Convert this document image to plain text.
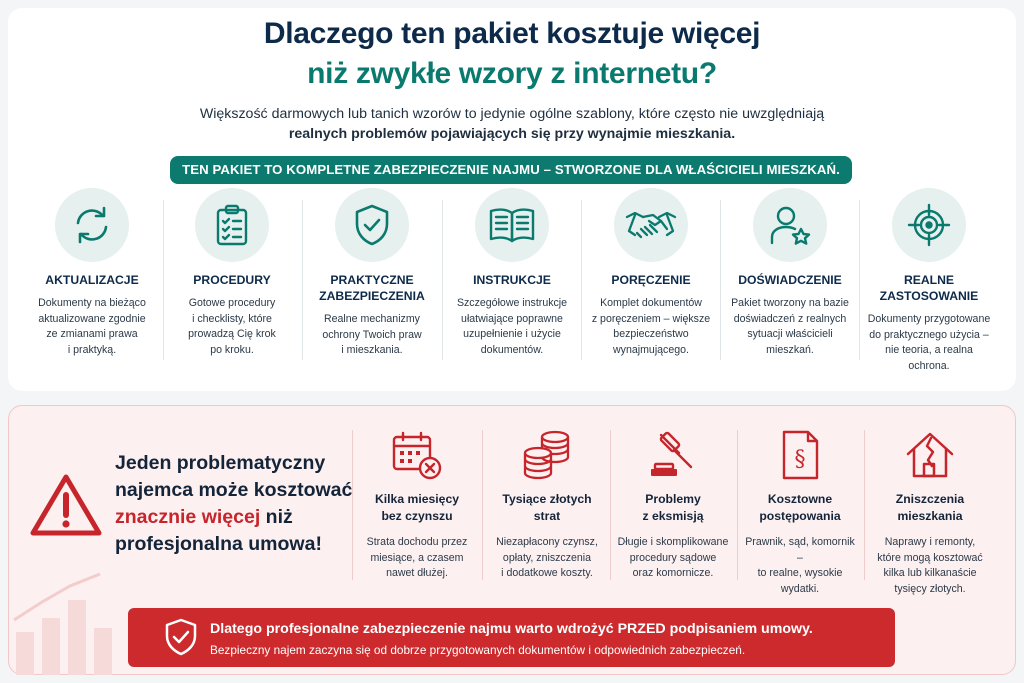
Dlaczego ten pakiet kosztuje więcej
niż zwykłe wzory z internetu?
Większość darmowych lub tanich wzorów to jedynie ogólne szablony, które często nie uwzględniają
realnych problemów pojawiających się przy wynajmie mieszkania.
TEN PAKIET TO KOMPLETNE ZABEZPIECZENIE NAJMU – STWORZONE DLA WŁAŚCICIELI MIESZKAŃ.
AKTUALIZACJE
Dokumenty na bieżąco
aktualizowane zgodnie
ze zmianami prawa
i praktyką.
PROCEDURY
Gotowe procedury
i checklisty, które
prowadzą Cię krok
po kroku.
PRAKTYCZNE ZABEZPIECZENIA
Realne mechanizmy
ochrony Twoich praw
i mieszkania.
INSTRUKCJE
Szczegółowe instrukcje
ułatwiające poprawne
uzupełnienie i użycie
dokumentów.
PORĘCZENIE
Komplet dokumentów
z poręczeniem – większe
bezpieczeństwo
wynajmującego.
DOŚWIADCZENIE
Pakiet tworzony na bazie
doświadczeń z realnych
sytuacji właścicieli
mieszkań.
REALNE ZASTOSOWANIE
Dokumenty przygotowane
do praktycznego użycia –
nie teoria, a realna
ochrona.
Jeden problematyczny
najemca może kosztować
znacznie więcej niż
profesjonalna umowa!
Kilka miesięcy
bez czynszu
Strata dochodu przez
miesiące, a czasem
nawet dłużej.
Tysiące złotych
strat
Niezapłacony czynsz,
opłaty, zniszczenia
i dodatkowe koszty.
Problemy
z eksmisją
Długie i skomplikowane
procedury sądowe
oraz komornicze.
§
Kosztowne
postępowania
Prawnik, sąd, komornik –
to realne, wysokie
wydatki.
Zniszczenia
mieszkania
Naprawy i remonty,
które mogą kosztować
kilka lub kilkanaście
tysięcy złotych.
Dlatego profesjonalne zabezpieczenie najmu warto wdrożyć PRZED podpisaniem umowy.
Bezpieczny najem zaczyna się od dobrze przygotowanych dokumentów i odpowiednich zabezpieczeń.
